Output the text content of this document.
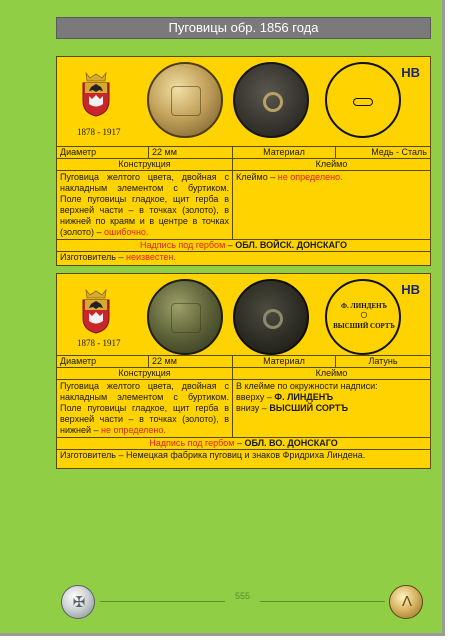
Пуговицы обр. 1856 года
1878 - 1917
НВ
Диаметр	22 мм	Материал	Медь - Сталь
Конструкция	Клеймо
Пуговица желтого цвета, двойная с накладным элементом с буртиком. Поле пуговицы гладкое, щит герба в верхней части – в точках (золото), в нижней по краям и в центре в точках (золото) – ошибочно.
Клеймо – не определено.
Надпись под гербом – ОБЛ. ВОЙСК. ДОНСКАГО
Изготовитель – неизвестен.
1878 - 1917
Ф. ЛИНДЕНЪ
○
ВЫСШИЙ СОРТЪ
НВ
Диаметр	22 мм	Материал	Латунь
Конструкция	Клеймо
Пуговица желтого цвета, двойная с накладным элементом с буртиком. Поле пуговицы гладкое, щит герба в верхней части – в точках (золото), в нижней – не определено.
В клейме по окружности надписи:
вверху – Ф. ЛИНДЕНЪ
внизу – ВЫСШИЙ СОРТЪ
Надпись под гербом – ОБЛ. ВО. ДОНСКАГО
Изготовитель – Немецкая фабрика пуговиц и знаков Фридриха Линдена.
✠	555	Λ
